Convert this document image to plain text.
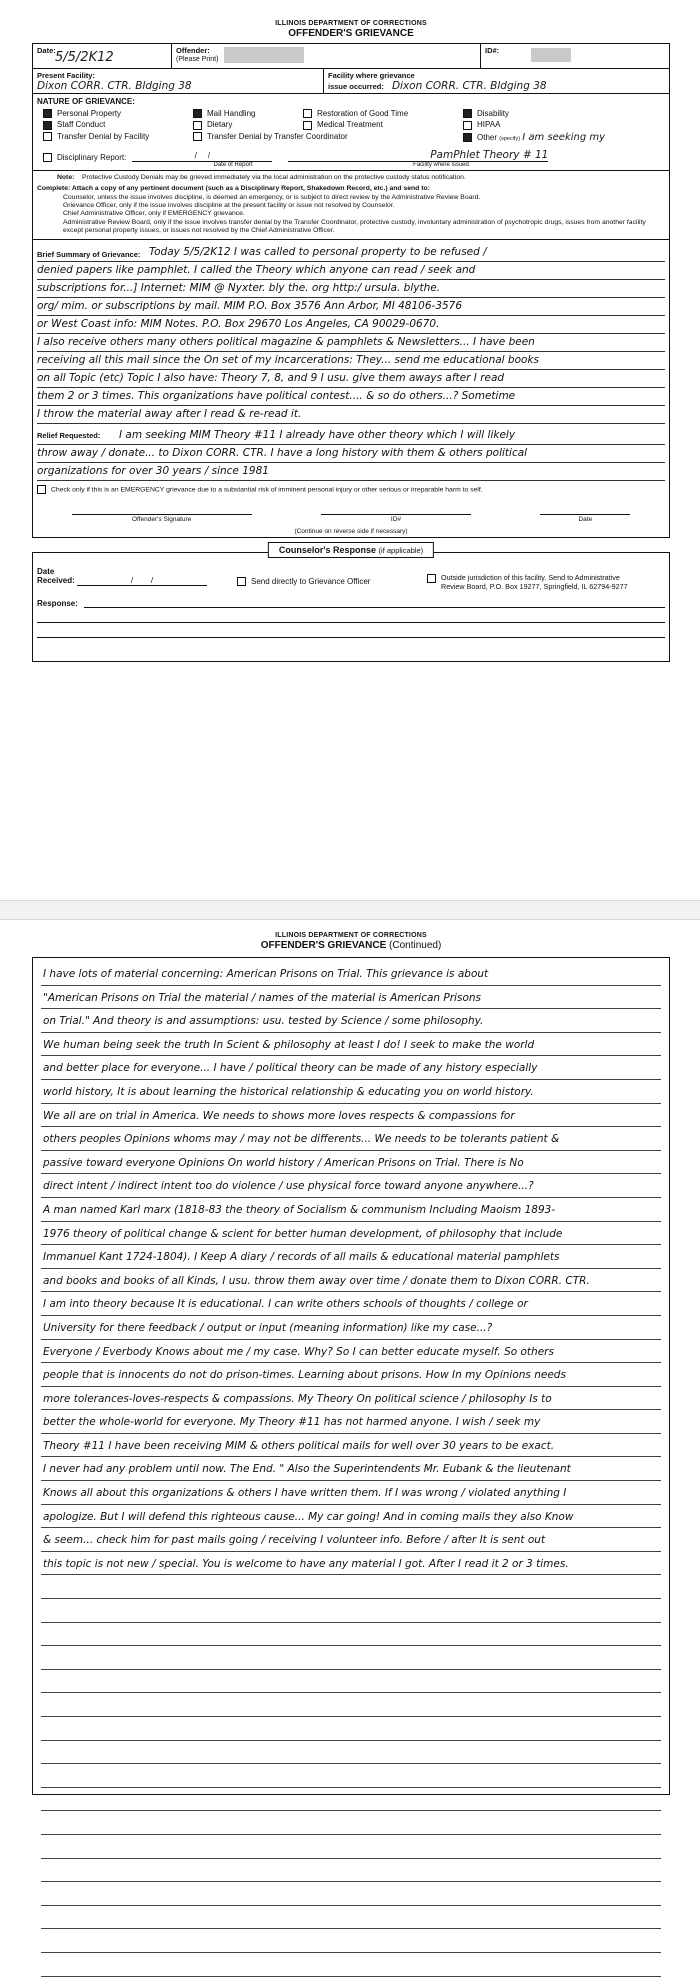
ILLINOIS DEPARTMENT OF CORRECTIONS
OFFENDER'S GRIEVANCE
Date: 5/5/2K12	Offender:
(Please Print)
ID#:
Present Facility:
Dixon CORR. CTR. Bldging 38
Facility where grievance
issue occurred: Dixon CORR. CTR. Bldging 38
NATURE OF GRIEVANCE:
Personal Property	Mail Handling	Restoration of Good Time	Disability
Staff Conduct	Dietary	Medical Treatment	HIPAA
Transfer Denial by Facility	Transfer Denial by Transfer Coordinator	Other (specify) I am seeking my
Disciplinary Report:	/     /	PamPhlet Theory # 11
Date of Report	Facility where issued
Note: Protective Custody Denials may be grieved immediately via the local administration on the protective custody status notification.
Complete: Attach a copy of any pertinent document (such as a Disciplinary Report, Shakedown Record, etc.) and send to:
Counselor, unless the issue involves discipline, is deemed an emergency, or is subject to direct review by the Administrative Review Board.
Grievance Officer, only if the issue involves discipline at the present facility or issue not resolved by Counselor.
Chief Administrative Officer, only if EMERGENCY grievance.
Administrative Review Board, only if the issue involves transfer denial by the Transfer Coordinator, protective custody, involuntary administration of psychotropic drugs, issues from another facility except personal property issues, or issues not resolved by the Chief Administrative Officer.
Brief Summary of Grievance: Today 5/5/2K12 I was called to personal property to be refused /
denied papers like pamphlet. I called the Theory which anyone can read / seek and
subscriptions for...] Internet: MIM @ Nyxter. bly the. org http:/ ursula. blythe.
org/ mim. or subscriptions by mail. MIM P.O. Box 3576 Ann Arbor, MI 48106-3576
or West Coast info: MIM Notes. P.O. Box 29670 Los Angeles, CA 90029-0670.
I also receive others many others political magazine & pamphlets & Newsletters... I have been
receiving all this mail since the On set of my incarcerations: They... send me educational books
on all Topic (etc) Topic I also have: Theory 7, 8, and 9 I usu. give them aways after I read
them 2 or 3 times. This organizations have political contest.... & so do others...? Sometime
I throw the material away after I read & re-read it.
Relief Requested:	I am seeking MIM Theory #11 I already have other theory which I will likely
throw away / donate... to Dixon CORR. CTR. I have a long history with them & others political
organizations for over 30 years / since 1981
Check only if this is an EMERGENCY grievance due to a substantial risk of imminent personal injury or other serious or irreparable harm to self.
Offender's Signature	ID#	Date
(Continue on reverse side if necessary)
Counselor's Response (if applicable)
Date
Received:	/        /	Send directly to Grievance Officer	Outside jurisdiction of this facility. Send to Administrative Review Board, P.O. Box 19277, Springfield, IL 62794-9277
Response:
ILLINOIS DEPARTMENT OF CORRECTIONS
OFFENDER'S GRIEVANCE (Continued)
I have lots of material concerning: American Prisons on Trial. This grievance is about
"American Prisons on Trial the material / names of the material is American Prisons
on Trial." And theory is and assumptions: usu. tested by Science / some philosophy.
We human being seek the truth In Scient & philosophy at least I do! I seek to make the world
and better place for everyone... I have / political theory can be made of any history especially
world history, It is about learning the historical relationship & educating you on world history.
We all are on trial in America. We needs to shows more loves respects & compassions for
others peoples Opinions whoms may / may not be differents... We needs to be tolerants patient &
passive toward everyone Opinions On world history / American Prisons on Trial. There is No
direct intent / indirect intent too do violence / use physical force toward anyone anywhere...?
A man named Karl marx (1818-83 the theory of Socialism & communism Including Maoism 1893-
1976 theory of political change & scient for better human development, of philosophy that include
Immanuel Kant 1724-1804). I Keep A diary / records of all mails & educational material pamphlets
and books and books of all Kinds, I usu. throw them away over time / donate them to Dixon CORR. CTR.
I am into theory because It is educational. I can write others schools of thoughts / college or
University for there feedback / output or input (meaning information) like my case...?
Everyone / Everbody Knows about me / my case. Why? So I can better educate myself. So others
people that is innocents do not do prison-times. Learning about prisons. How In my Opinions needs
more tolerances-loves-respects & compassions. My Theory On political science / philosophy Is to
better the whole-world for everyone. My Theory #11 has not harmed anyone. I wish / seek my
Theory #11 I have been receiving MIM & others political mails for well over 30 years to be exact.
I never had any problem until now. The End. " Also the Superintendents Mr. Eubank & the lieutenant
Knows all about this organizations & others I have written them. If I was wrong / violated anything I
apologize. But I will defend this righteous cause... My car going! And in coming mails they also Know
& seem... check him for past mails going / receiving I volunteer info. Before / after It is sent out
this topic is not new / special. You is welcome to have any material I got. After I read it 2 or 3 times.
